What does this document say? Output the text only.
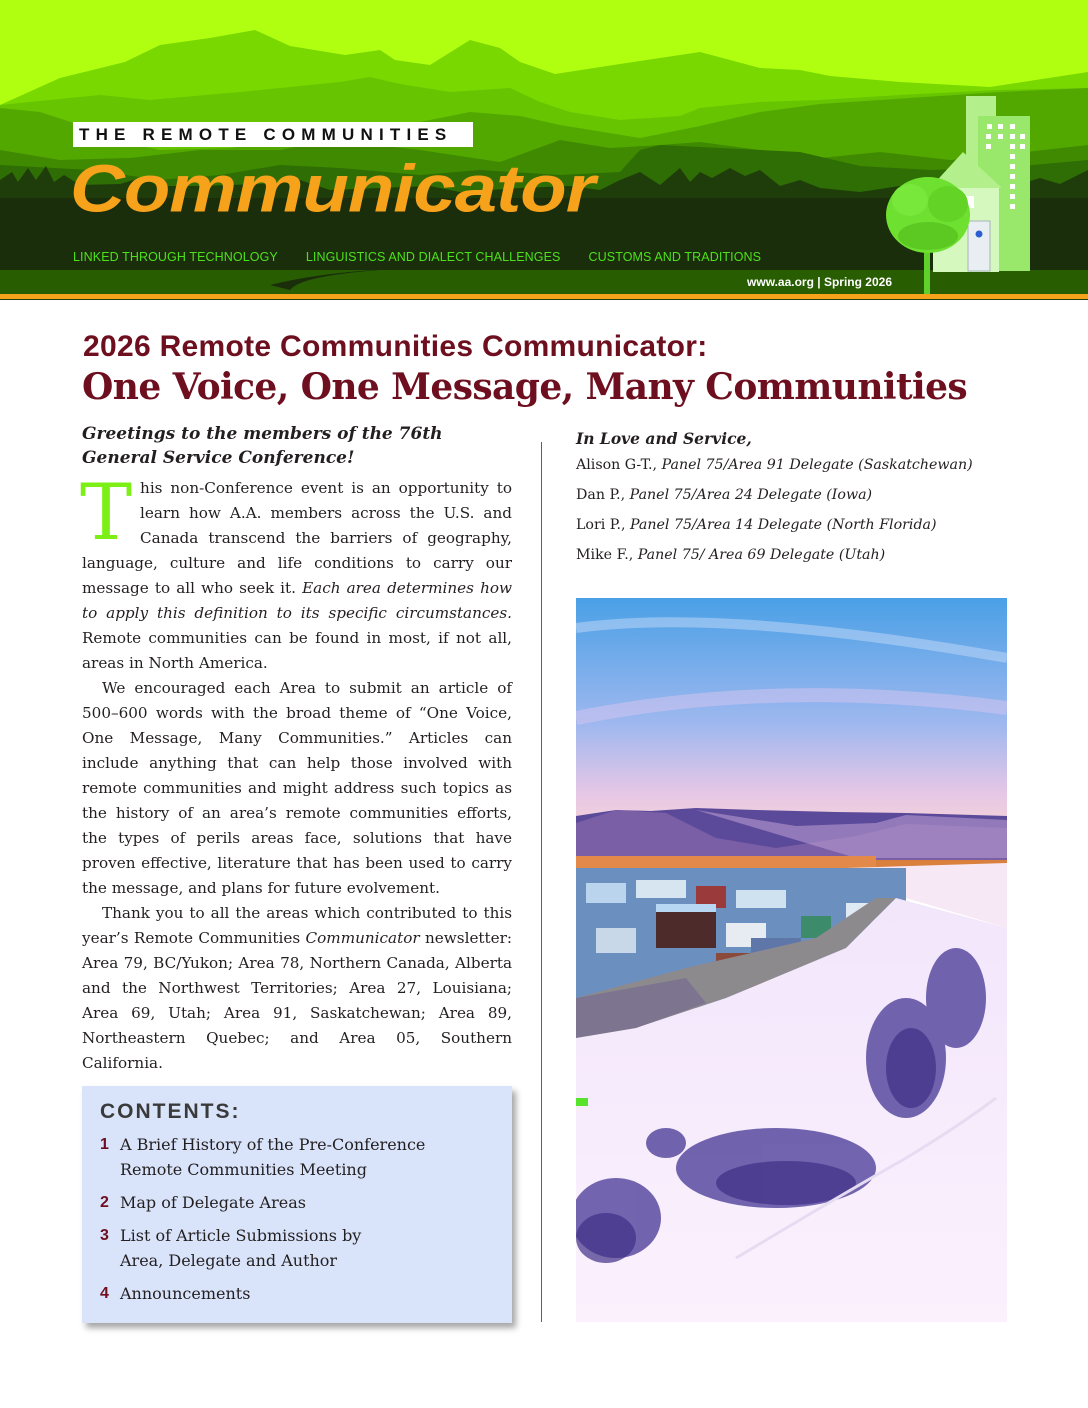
THE REMOTE COMMUNITIES
Communicator
LINKED THROUGH TECHNOLOGY LINGUISTICS AND DIALECT CHALLENGES CUSTOMS AND TRADITIONS
www.aa.org | Spring 2026
2026 Remote Communities Communicator:
One Voice, One Message, Many Communities

Greetings to the members of the 76th General Service Conference!

This non-Conference event is an opportunity to learn how A.A. members across the U.S. and Canada transcend the barriers of geography, language, culture and life conditions to carry our message to all who seek it. Each area determines how to apply this definition to its specific circumstances. Remote communities can be found in most, if not all, areas in North America.

We encouraged each Area to submit an article of 500–600 words with the broad theme of “One Voice, One Message, Many Communities.” Articles can include anything that can help those involved with remote communities and might address such topics as the history of an area’s remote communities efforts, the types of perils areas face, solutions that have proven effective, literature that has been used to carry the message, and plans for future evolvement.

Thank you to all the areas which contributed to this year’s Remote Communities Communicator newsletter: Area 79, BC/Yukon; Area 78, Northern Canada, Alberta and the Northwest Territories; Area 27, Louisiana; Area 69, Utah; Area 91, Saskatchewan; Area 89, Northeastern Quebec; and Area 05, Southern California.

CONTENTS:
1 A Brief History of the Pre-Conference Remote Communities Meeting
2 Map of Delegate Areas
3 List of Article Submissions by Area, Delegate and Author
4 Announcements

In Love and Service,

Alison G-T., Panel 75/Area 91 Delegate (Saskatchewan)

Dan P., Panel 75/Area 24 Delegate (Iowa)

Lori P., Panel 75/Area 14 Delegate (North Florida)

Mike F., Panel 75/ Area 69 Delegate (Utah)
